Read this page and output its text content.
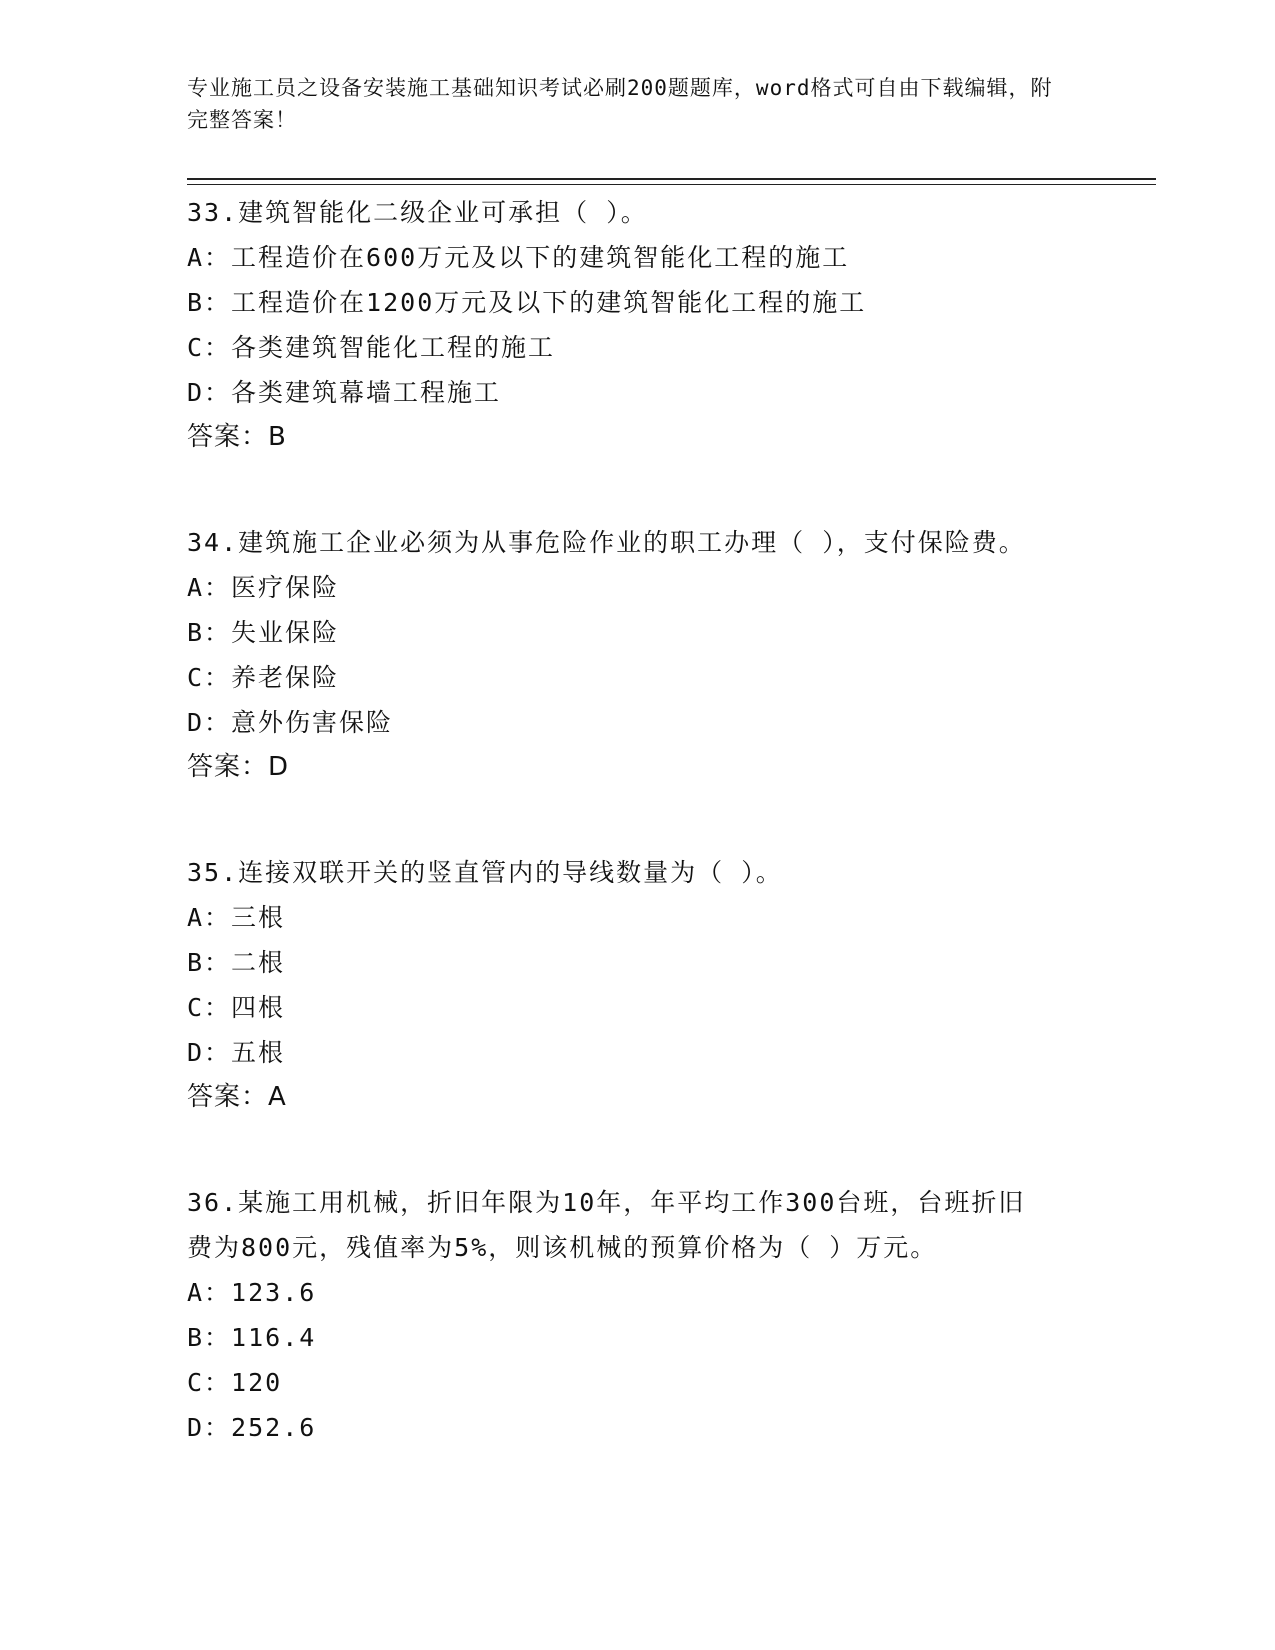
专业施工员之设备安装施工基础知识考试必刷200题题库，word格式可自由下载编辑，附完整答案！
33.建筑智能化二级企业可承担（ ）。
A：工程造价在600万元及以下的建筑智能化工程的施工
B：工程造价在1200万元及以下的建筑智能化工程的施工
C：各类建筑智能化工程的施工
D：各类建筑幕墙工程施工
答案：B
34.建筑施工企业必须为从事危险作业的职工办理（ ），支付保险费。
A：医疗保险
B：失业保险
C：养老保险
D：意外伤害保险
答案：D
35.连接双联开关的竖直管内的导线数量为（ ）。
A：三根
B：二根
C：四根
D：五根
答案：A
36.某施工用机械，折旧年限为10年，年平均工作300台班，台班折旧费为800元，残值率为5%，则该机械的预算价格为（ ）万元。
A：123.6
B：116.4
C：120
D：252.6
